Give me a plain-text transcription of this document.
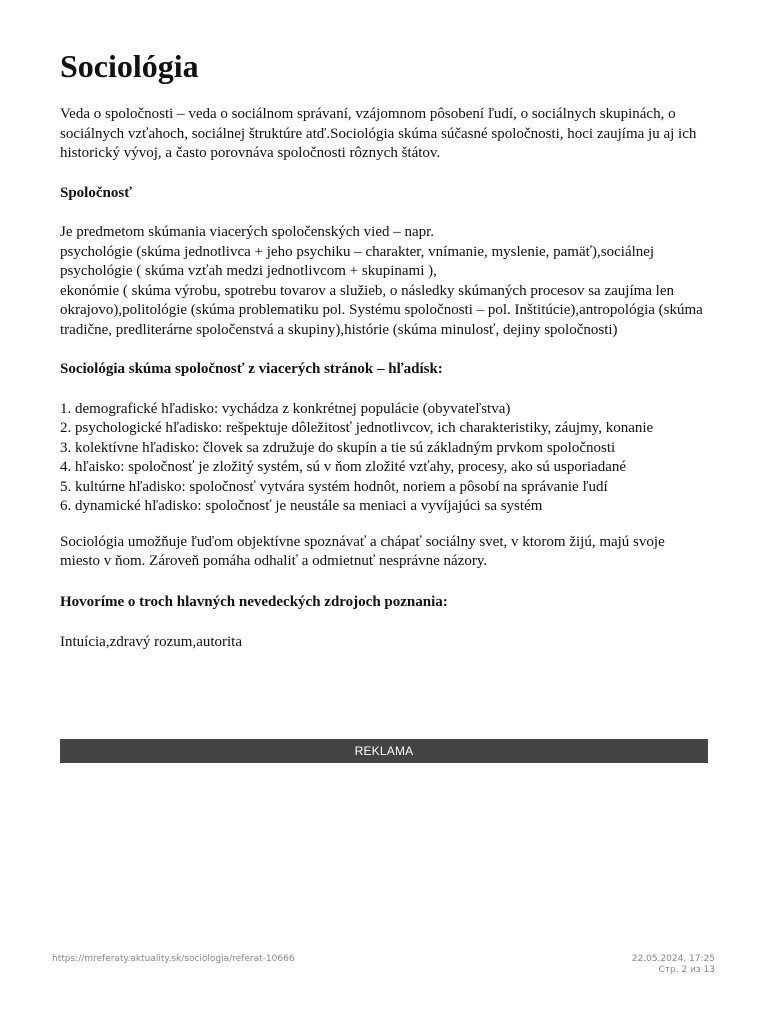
Sociológia

Veda o spoločnosti – veda o sociálnom správaní, vzájomnom pôsobení ľudí, o sociálnych skupinách, o sociálnych vzťahoch, sociálnej štruktúre atď.Sociológia skúma súčasné spoločnosti, hoci zaujíma ju aj ich historický vývoj, a často porovnáva spoločnosti rôznych štátov.

Spoločnosť

Je predmetom skúmania viacerých spoločenských vied – napr.

psychológie (skúma jednotlivca + jeho psychiku – charakter, vnímanie, myslenie, pamäť),sociálnej psychológie ( skúma vzťah medzi jednotlivcom + skupinami ),

ekonómie ( skúma výrobu, spotrebu tovarov a služieb, o následky skúmaných procesov sa zaujíma len okrajovo),politológie (skúma problematiku pol. Systému spoločnosti – pol. Inštitúcie),antropológia (skúma tradične, predliterárne spoločenstvá a skupiny),histórie (skúma minulosť, dejiny spoločnosti)

Sociológia skúma spoločnosť z viacerých stránok – hľadísk:

1. demografické hľadisko: vychádza z konkrétnej populácie (obyvateľstva)
2. psychologické hľadisko: rešpektuje dôležitosť jednotlivcov, ich charakteristiky, záujmy, konanie
3. kolektívne hľadisko: človek sa združuje do skupín a tie sú základným prvkom spoločnosti
4. hľaisko: spoločnosť je zložitý systém, sú v ňom zložité vzťahy, procesy, ako sú usporiadané
5. kultúrne hľadisko: spoločnosť vytvára systém hodnôt, noriem a pôsobí na správanie ľudí
6. dynamické hľadisko: spoločnosť je neustále sa meniaci a vyvíjajúci sa systém

Sociológia umožňuje ľuďom objektívne spoznávať a chápať sociálny svet, v ktorom žijú, majú svoje miesto v ňom. Zároveň pomáha odhaliť a odmietnuť nesprávne názory.

Hovoríme o troch hlavných nevedeckých zdrojoch poznania:

Intuícia,zdravý rozum,autorita

REKLAMA
https://mreferaty.aktuality.sk/sociologia/referat-10666	22.05.2024, 17:25
Стр. 2 из 13
